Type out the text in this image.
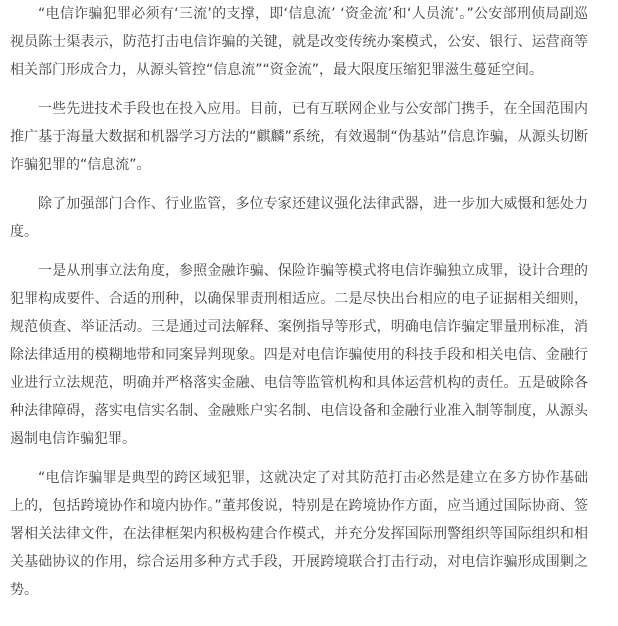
“电信诈骗犯罪必须有‘三流’的支撑，即‘信息流’ ‘资金流’和‘人员流’。”公安部刑侦局副巡视员陈士渠表示，防范打击电信诈骗的关键，就是改变传统办案模式，公安、银行、运营商等相关部门形成合力，从源头管控“信息流”“资金流”，最大限度压缩犯罪滋生蔓延空间。

一些先进技术手段也在投入应用。目前，已有互联网企业与公安部门携手，在全国范围内推广基于海量大数据和机器学习方法的“麒麟”系统，有效遏制“伪基站”信息诈骗，从源头切断诈骗犯罪的“信息流”。

除了加强部门合作、行业监管，多位专家还建议强化法律武器，进一步加大威慑和惩处力度。

一是从刑事立法角度，参照金融诈骗、保险诈骗等模式将电信诈骗独立成罪，设计合理的犯罪构成要件、合适的刑种，以确保罪责刑相适应。二是尽快出台相应的电子证据相关细则，规范侦查、举证活动。三是通过司法解释、案例指导等形式，明确电信诈骗定罪量刑标准，消除法律适用的模糊地带和同案异判现象。四是对电信诈骗使用的科技手段和相关电信、金融行业进行立法规范，明确并严格落实金融、电信等监管机构和具体运营机构的责任。五是破除各种法律障碍，落实电信实名制、金融账户实名制、电信设备和金融行业准入制等制度，从源头遏制电信诈骗犯罪。

“电信诈骗罪是典型的跨区域犯罪，这就决定了对其防范打击必然是建立在多方协作基础上的，包括跨境协作和境内协作。”董邦俊说，特别是在跨境协作方面，应当通过国际协商、签署相关法律文件，在法律框架内积极构建合作模式，并充分发挥国际刑警组织等国际组织和相关基础协议的作用，综合运用多种方式手段，开展跨境联合打击行动，对电信诈骗形成围剿之势。
